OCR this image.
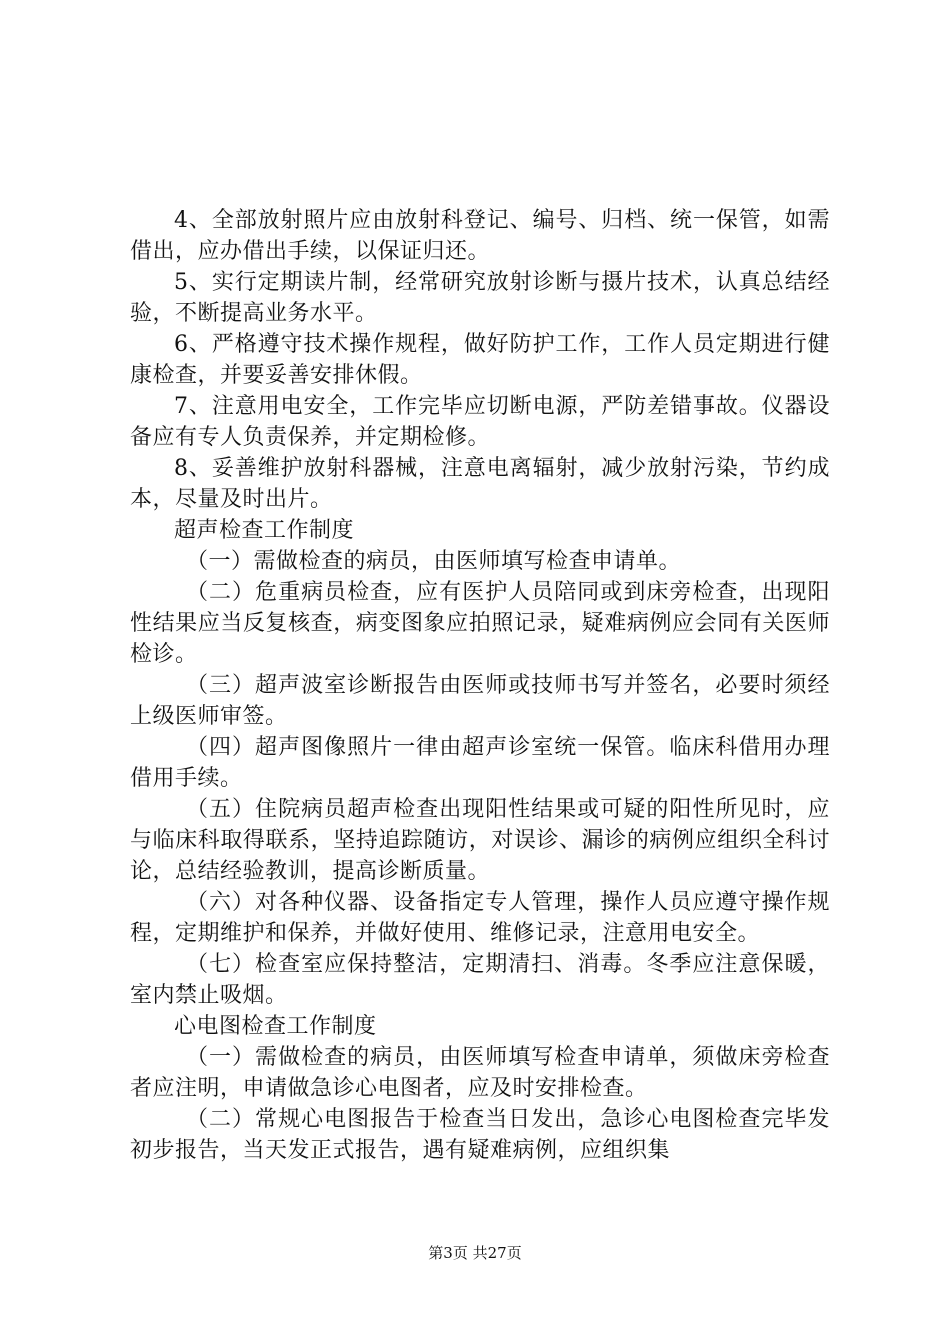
4、全部放射照片应由放射科登记、编号、归档、统一保管，如需借出，应办借出手续，以保证归还。

5、实行定期读片制，经常研究放射诊断与摄片技术，认真总结经验，不断提高业务水平。

6、严格遵守技术操作规程，做好防护工作，工作人员定期进行健康检查，并要妥善安排休假。

7、注意用电安全，工作完毕应切断电源，严防差错事故。仪器设备应有专人负责保养，并定期检修。

8、妥善维护放射科器械，注意电离辐射，减少放射污染，节约成本，尽量及时出片。

超声检查工作制度

（一）需做检查的病员，由医师填写检查申请单。

（二）危重病员检查，应有医护人员陪同或到床旁检查，出现阳性结果应当反复核查，病变图象应拍照记录，疑难病例应会同有关医师检诊。

（三）超声波室诊断报告由医师或技师书写并签名，必要时须经上级医师审签。

（四）超声图像照片一律由超声诊室统一保管。临床科借用办理借用手续。

（五）住院病员超声检查出现阳性结果或可疑的阳性所见时，应与临床科取得联系，坚持追踪随访，对误诊、漏诊的病例应组织全科讨论，总结经验教训，提高诊断质量。

（六）对各种仪器、设备指定专人管理，操作人员应遵守操作规程，定期维护和保养，并做好使用、维修记录，注意用电安全。

（七）检查室应保持整洁，定期清扫、消毒。冬季应注意保暖，室内禁止吸烟。

心电图检查工作制度

（一）需做检查的病员，由医师填写检查申请单，须做床旁检查者应注明，申请做急诊心电图者，应及时安排检查。

（二）常规心电图报告于检查当日发出，急诊心电图检查完毕发初步报告，当天发正式报告，遇有疑难病例，应组织集

第3页 共27页
